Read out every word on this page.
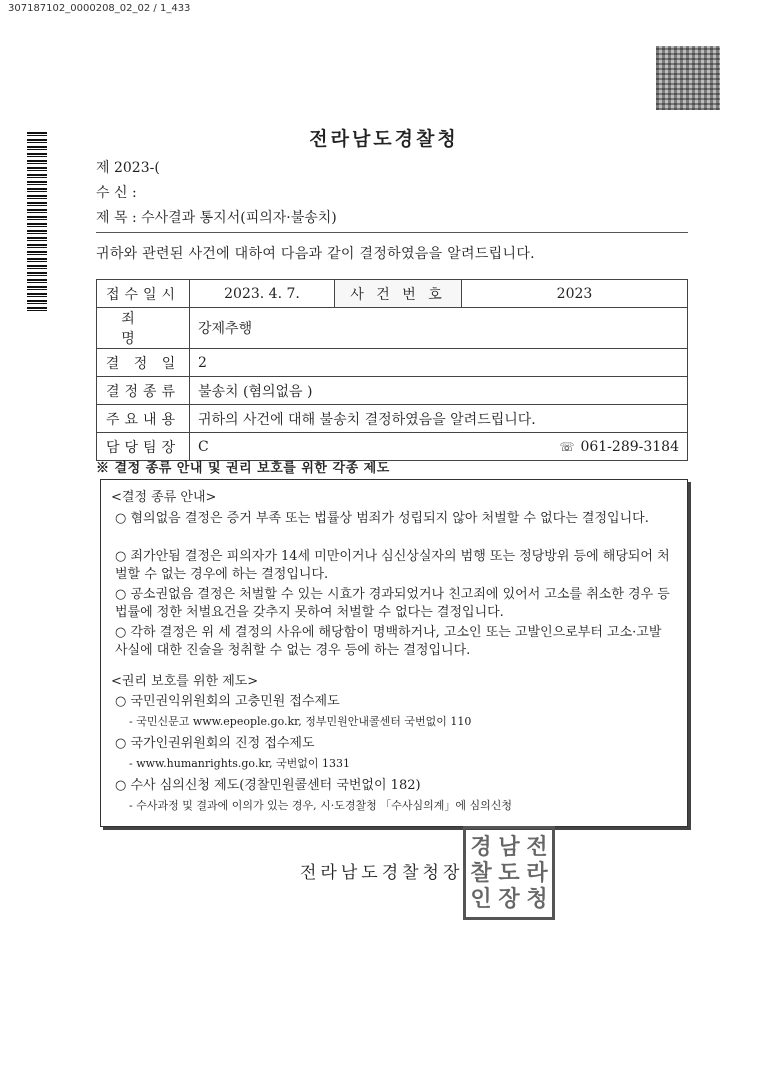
307187102_0000208_02_02 / 1_433
전라남도경찰청
제 2023-(
수 신 :
제 목 : 수사결과 통지서(피의자·불송치)
귀하와 관련된 사건에 대하여 다음과 같이 결정하였음을 알려드립니다.
접수일시	2023. 4. 7.	사 건 번 호	2023
죄 명	강제추행		
결 정 일	2		
결정종류	불송치 (혐의없음 )		
주요내용	귀하의 사건에 대해 불송치 결정하였음을 알려드립니다.		
담당팀장	C		☏ 061-289-3184
※ 결정 종류 안내 및 권리 보호를 위한 각종 제도
<결정 종류 안내>
○ 혐의없음 결정은 증거 부족 또는 법률상 범죄가 성립되지 않아 처벌할 수 없다는 결정입니다.
○ 죄가안됨 결정은 피의자가 14세 미만이거나 심신상실자의 범행 또는 정당방위 등에 해당되어 처벌할 수 없는 경우에 하는 결정입니다.
○ 공소권없음 결정은 처벌할 수 있는 시효가 경과되었거나 친고죄에 있어서 고소를 취소한 경우 등 법률에 정한 처벌요건을 갖추지 못하여 처벌할 수 없다는 결정입니다.
○ 각하 결정은 위 세 결정의 사유에 해당함이 명백하거나, 고소인 또는 고발인으로부터 고소·고발 사실에 대한 진술을 청취할 수 없는 경우 등에 하는 결정입니다.
<권리 보호를 위한 제도>
○ 국민권익위원회의 고충민원 접수제도
- 국민신문고 www.epeople.go.kr, 정부민원안내콜센터 국번없이 110
○ 국가인권위원회의 진정 접수제도
- www.humanrights.go.kr, 국번없이 1331
○ 수사 심의신청 제도(경찰민원콜센터 국번없이 182)
- 수사과정 및 결과에 이의가 있는 경우, 시·도경찰청 「수사심의계」에 심의신청
전라남도경찰청장
경 남 전
찰 도 라
인 장 청
